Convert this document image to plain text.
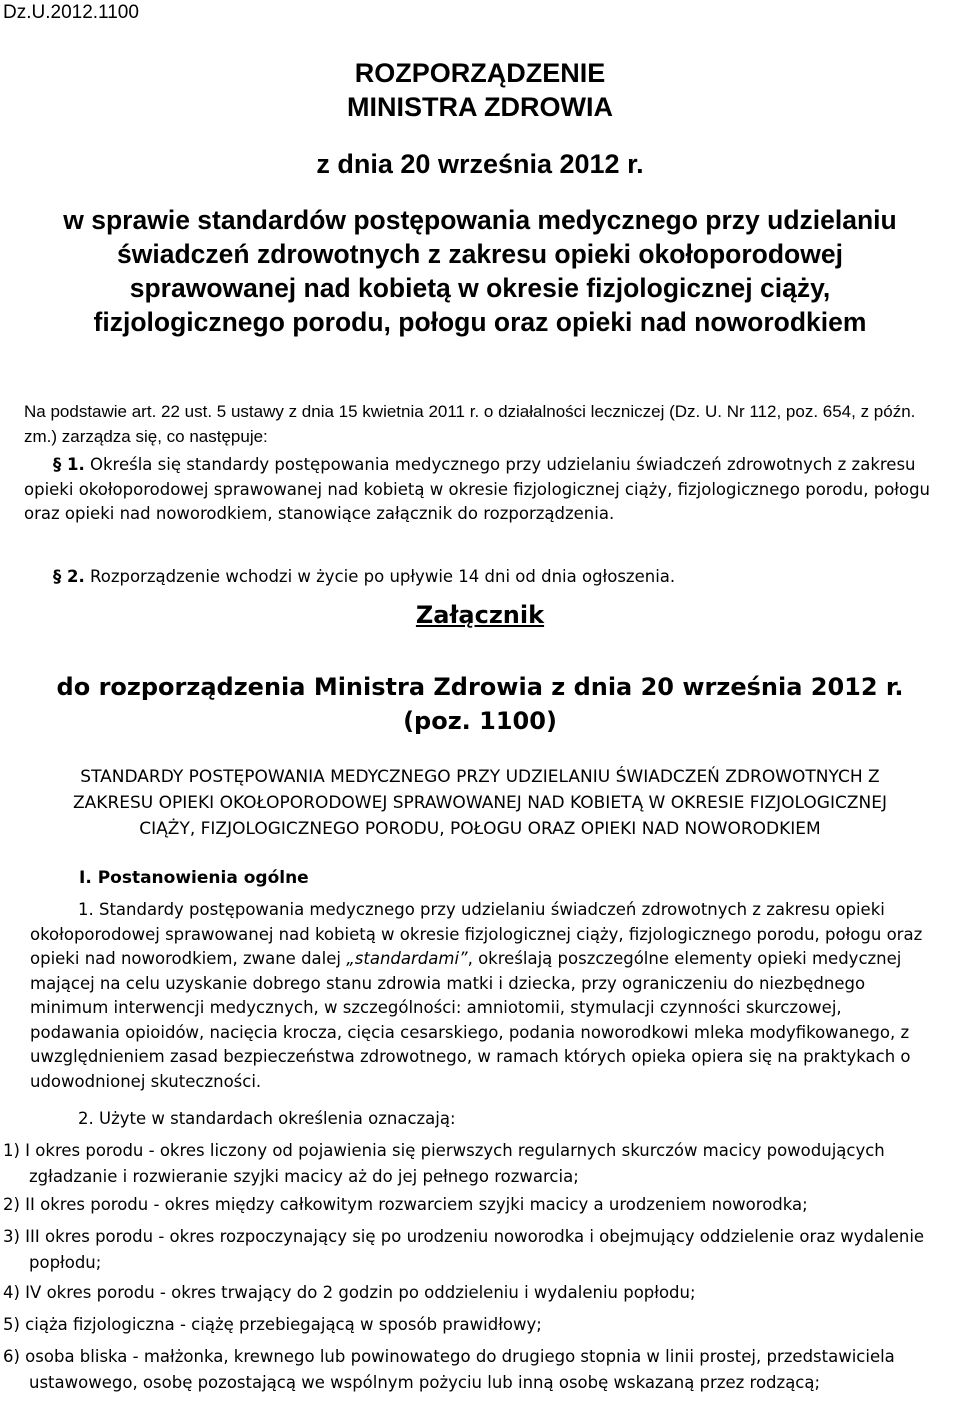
Dz.U.2012.1100
ROZPORZĄDZENIE
MINISTRA ZDROWIA
z dnia 20 września 2012 r.
w sprawie standardów postępowania medycznego przy udzielaniu świadczeń zdrowotnych z zakresu opieki okołoporodowej sprawowanej nad kobietą w okresie fizjologicznej ciąży, fizjologicznego porodu, połogu oraz opieki nad noworodkiem
Na podstawie art. 22 ust. 5 ustawy z dnia 15 kwietnia 2011 r. o działalności leczniczej (Dz. U. Nr 112, poz. 654, z późn. zm.) zarządza się, co następuje:
§ 1. Określa się standardy postępowania medycznego przy udzielaniu świadczeń zdrowotnych z zakresu opieki okołoporodowej sprawowanej nad kobietą w okresie fizjologicznej ciąży, fizjologicznego porodu, połogu oraz opieki nad noworodkiem, stanowiące załącznik do rozporządzenia.
§ 2. Rozporządzenie wchodzi w życie po upływie 14 dni od dnia ogłoszenia.
Załącznik
do rozporządzenia Ministra Zdrowia z dnia 20 września 2012 r.
(poz. 1100)
STANDARDY POSTĘPOWANIA MEDYCZNEGO PRZY UDZIELANIU ŚWIADCZEŃ ZDROWOTNYCH Z
ZAKRESU OPIEKI OKOŁOPORODOWEJ SPRAWOWANEJ NAD KOBIETĄ W OKRESIE FIZJOLOGICZNEJ
CIĄŻY, FIZJOLOGICZNEGO PORODU, POŁOGU ORAZ OPIEKI NAD NOWORODKIEM
I. Postanowienia ogólne
1. Standardy postępowania medycznego przy udzielaniu świadczeń zdrowotnych z zakresu opieki okołoporodowej sprawowanej nad kobietą w okresie fizjologicznej ciąży, fizjologicznego porodu, połogu oraz opieki nad noworodkiem, zwane dalej „standardami”, określają poszczególne elementy opieki medycznej mającej na celu uzyskanie dobrego stanu zdrowia matki i dziecka, przy ograniczeniu do niezbędnego minimum interwencji medycznych, w szczególności: amniotomii, stymulacji czynności skurczowej, podawania opioidów, nacięcia krocza, cięcia cesarskiego, podania noworodkowi mleka modyfikowanego, z uwzględnieniem zasad bezpieczeństwa zdrowotnego, w ramach których opieka opiera się na praktykach o udowodnionej skuteczności.
2. Użyte w standardach określenia oznaczają:
1) I okres porodu - okres liczony od pojawienia się pierwszych regularnych skurczów macicy powodujących zgładzanie i rozwieranie szyjki macicy aż do jej pełnego rozwarcia;
2) II okres porodu - okres między całkowitym rozwarciem szyjki macicy a urodzeniem noworodka;
3) III okres porodu - okres rozpoczynający się po urodzeniu noworodka i obejmujący oddzielenie oraz wydalenie popłodu;
4) IV okres porodu - okres trwający do 2 godzin po oddzieleniu i wydaleniu popłodu;
5) ciąża fizjologiczna - ciążę przebiegającą w sposób prawidłowy;
6) osoba bliska - małżonka, krewnego lub powinowatego do drugiego stopnia w linii prostej, przedstawiciela ustawowego, osobę pozostającą we wspólnym pożyciu lub inną osobę wskazaną przez rodzącą;
